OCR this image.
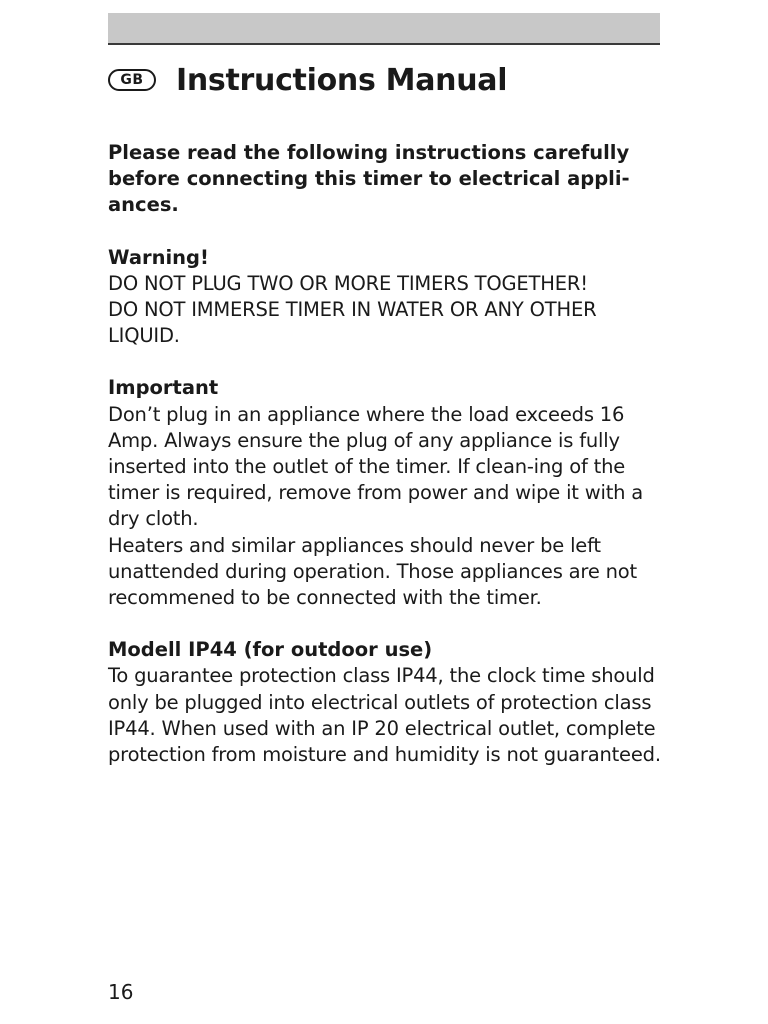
GB	Instructions Manual

Please read the following instructions carefully before connecting this timer to electrical appli-ances.

Warning!

DO NOT PLUG TWO OR MORE TIMERS TOGETHER!

DO NOT IMMERSE TIMER IN WATER OR ANY OTHER LIQUID.

Important

Don’t plug in an appliance where the load exceeds 16 Amp. Always ensure the plug of any appliance is fully inserted into the outlet of the timer. If clean-ing of the timer is required, remove from power and wipe it with a dry cloth.

Heaters and similar appliances should never be left unattended during operation. Those appliances are not recommened to be connected with the timer.

Modell IP44 (for outdoor use)

To guarantee protection class IP44, the clock time should only be plugged into electrical outlets of protection class IP44. When used with an IP 20 electrical outlet, complete protection from moisture and humidity is not guaranteed.

16
